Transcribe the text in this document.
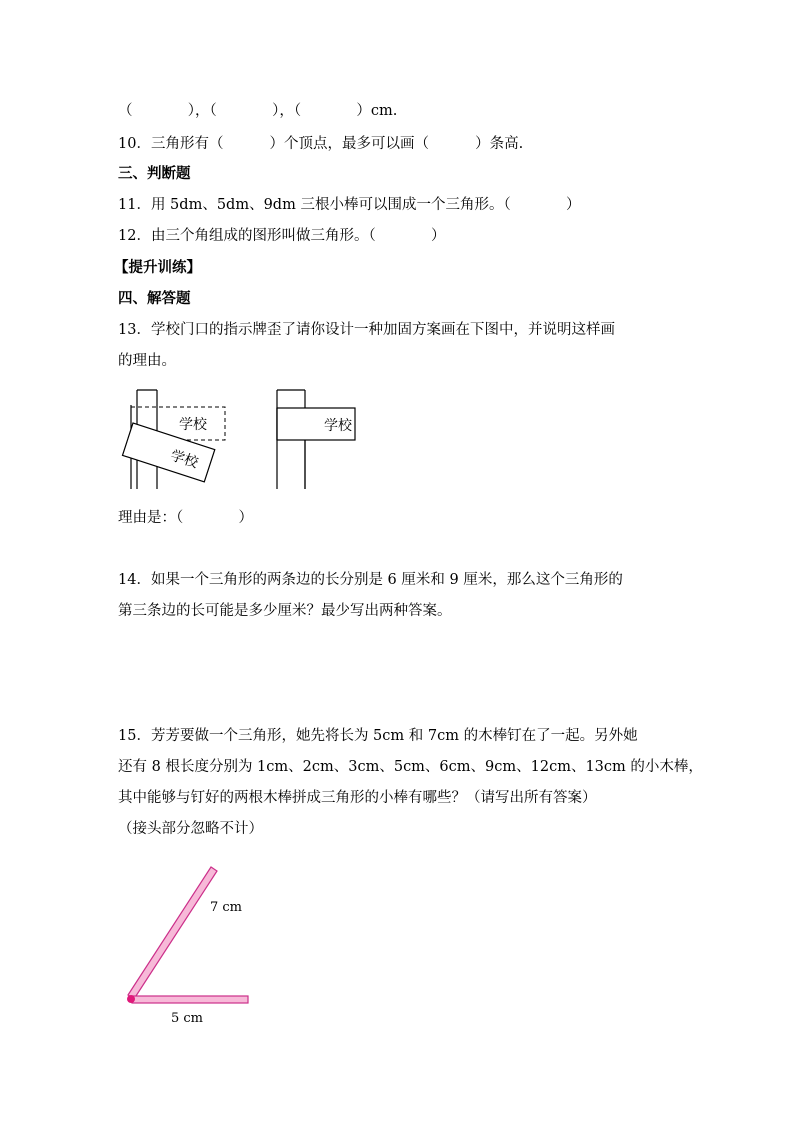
（            ），（            ），（            ）cm.
10．三角形有（          ）个顶点，最多可以画（          ）条高.
三、判断题
11．用 5dm、5dm、9dm 三根小棒可以围成一个三角形。（            ）
12．由三个角组成的图形叫做三角形。（            ）
【提升训练】
四、解答题
13．学校门口的指示牌歪了请你设计一种加固方案画在下图中，并说明这样画
的理由。
学校
学校
学校
理由是：（            ）
14．如果一个三角形的两条边的长分别是 6 厘米和 9 厘米，那么这个三角形的
第三条边的长可能是多少厘米？最少写出两种答案。
15．芳芳要做一个三角形，她先将长为 5cm 和 7cm 的木棒钉在了一起。另外她
还有 8 根长度分别为 1cm、2cm、3cm、5cm、6cm、9cm、12cm、13cm 的小木棒，
其中能够与钉好的两根木棒拼成三角形的小棒有哪些？（请写出所有答案）
（接头部分忽略不计）
7 cm
5 cm
